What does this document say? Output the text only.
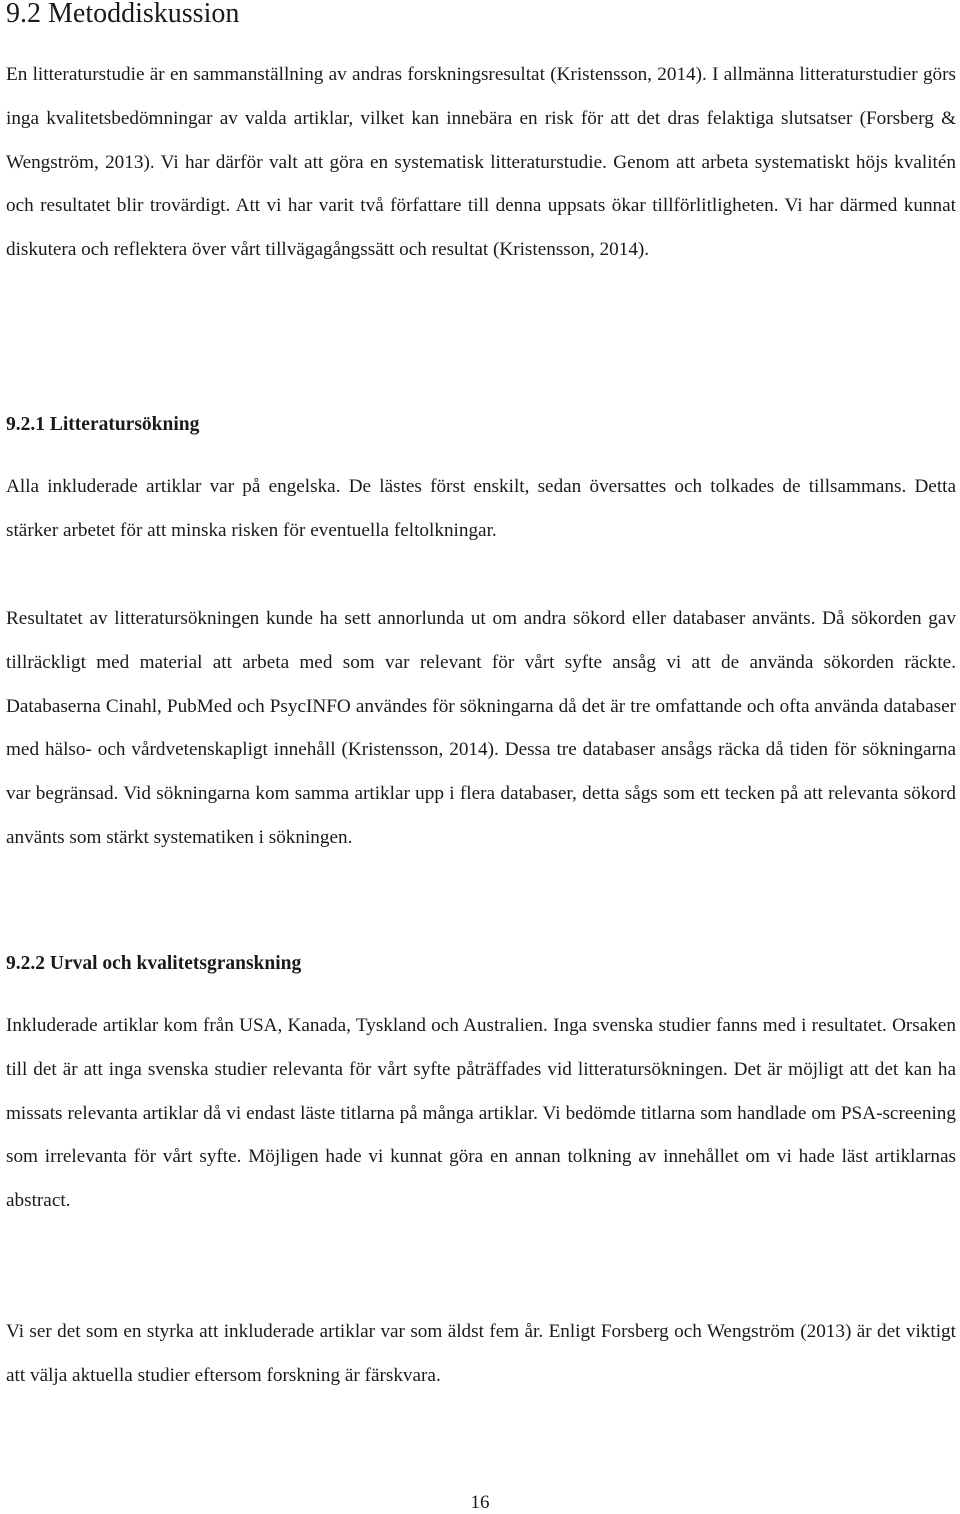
9.2 Metoddiskussion

En litteraturstudie är en sammanställning av andras forskningsresultat (Kristensson, 2014). I allmänna litteraturstudier görs inga kvalitetsbedömningar av valda artiklar, vilket kan innebära en risk för att det dras felaktiga slutsatser (Forsberg & Wengström, 2013). Vi har därför valt att göra en systematisk litteraturstudie. Genom att arbeta systematiskt höjs kvalitén och resultatet blir trovärdigt. Att vi har varit två författare till denna uppsats ökar tillförlitligheten. Vi har därmed kunnat diskutera och reflektera över vårt tillvägagångssätt och resultat (Kristensson, 2014).

9.2.1 Litteratursökning

Alla inkluderade artiklar var på engelska. De lästes först enskilt, sedan översattes och tolkades de tillsammans. Detta stärker arbetet för att minska risken för eventuella feltolkningar.

Resultatet av litteratursökningen kunde ha sett annorlunda ut om andra sökord eller databaser använts. Då sökorden gav tillräckligt med material att arbeta med som var relevant för vårt syfte ansåg vi att de använda sökorden räckte. Databaserna Cinahl, PubMed och PsycINFO användes för sökningarna då det är tre omfattande och ofta använda databaser med hälso- och vårdvetenskapligt innehåll (Kristensson, 2014). Dessa tre databaser ansågs räcka då tiden för sökningarna var begränsad. Vid sökningarna kom samma artiklar upp i flera databaser, detta sågs som ett tecken på att relevanta sökord använts som stärkt systematiken i sökningen.

9.2.2 Urval och kvalitetsgranskning

Inkluderade artiklar kom från USA, Kanada, Tyskland och Australien. Inga svenska studier fanns med i resultatet. Orsaken till det är att inga svenska studier relevanta för vårt syfte påträffades vid litteratursökningen. Det är möjligt att det kan ha missats relevanta artiklar då vi endast läste titlarna på många artiklar. Vi bedömde titlarna som handlade om PSA-screening som irrelevanta för vårt syfte. Möjligen hade vi kunnat göra en annan tolkning av innehållet om vi hade läst artiklarnas abstract.

Vi ser det som en styrka att inkluderade artiklar var som äldst fem år. Enligt Forsberg och Wengström (2013) är det viktigt att välja aktuella studier eftersom forskning är färskvara.

16
